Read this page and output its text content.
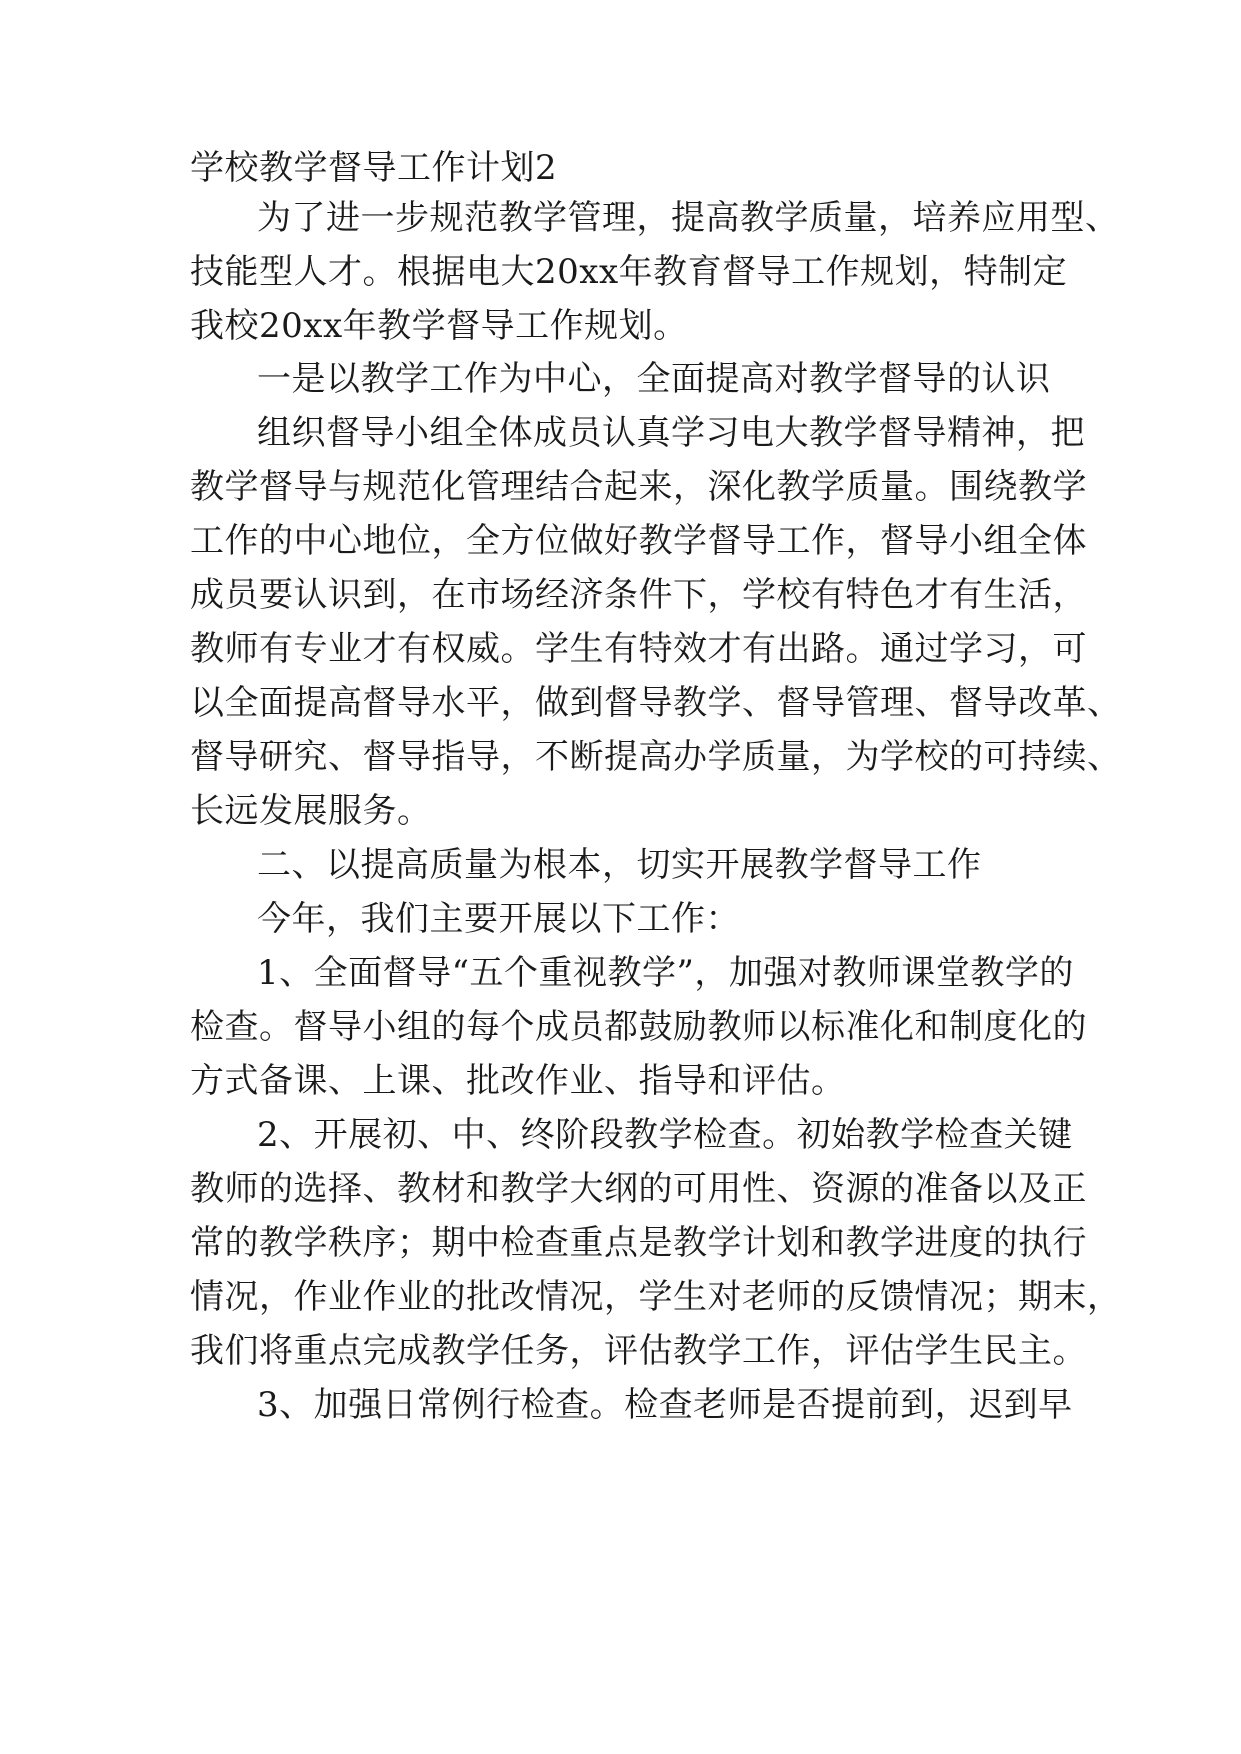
学校教学督导工作计划2
为了进一步规范教学管理，提高教学质量，培养应用型、
技能型人才。根据电大20xx年教育督导工作规划，特制定
我校20xx年教学督导工作规划。
一是以教学工作为中心，全面提高对教学督导的认识
组织督导小组全体成员认真学习电大教学督导精神，把
教学督导与规范化管理结合起来，深化教学质量。围绕教学
工作的中心地位，全方位做好教学督导工作，督导小组全体
成员要认识到，在市场经济条件下，学校有特色才有生活，
教师有专业才有权威。学生有特效才有出路。通过学习，可
以全面提高督导水平，做到督导教学、督导管理、督导改革、
督导研究、督导指导，不断提高办学质量，为学校的可持续、
长远发展服务。
二、以提高质量为根本，切实开展教学督导工作
今年，我们主要开展以下工作：
1、全面督导“五个重视教学”，加强对教师课堂教学的
检查。督导小组的每个成员都鼓励教师以标准化和制度化的
方式备课、上课、批改作业、指导和评估。
2、开展初、中、终阶段教学检查。初始教学检查关键
教师的选择、教材和教学大纲的可用性、资源的准备以及正
常的教学秩序；期中检查重点是教学计划和教学进度的执行
情况，作业作业的批改情况，学生对老师的反馈情况；期末，
我们将重点完成教学任务，评估教学工作，评估学生民主。
3、加强日常例行检查。检查老师是否提前到，迟到早
